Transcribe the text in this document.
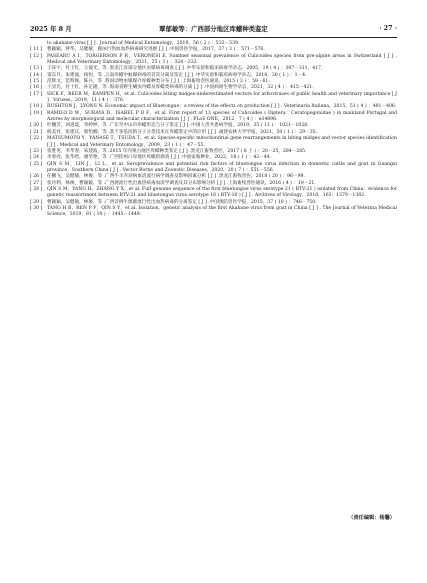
2025 年 8 月	覃郁敏等：广西部分地区库蠓种类鉴定	· 27 ·
to akabane virus [ J ] . Journal of Medical Entomology，2019，56 ( 2 ) ：533－539.
[ 11 ]	曹颖颖，钟华，吴健敏，鹿泳行伪血血热病毒研究进展 [ J ] .中国兽医学报，2017，37 ( 3 ) ：571－576.
[ 12 ]	PASEARU A I，TORGERSON P R，VERONESI E. Summer seasonal prevalence of Culicoides species from pre-alpine areas in Switzerland [ J ] . Medical and Veterinary Entomology，2021，35 ( 3 ) ：324－332.
[ 13 ]	王环宇，付士红，王彼光，等 .黑龙江省部分地区虫媒病毒调查 [ J ] .中华实验和临床病毒学杂志，2005，19 ( 4 ) ：307－311，417.
[ 14 ]	窦东升，朱建波，杨恒，等 .云南库蠓中蚊媒病毒的首次分离及鉴定 [ J ] .中华实验和临床病毒学杂志，2016，30 ( 1 ) ：1－4.
[ 15 ]	范辉文，范辉俊，陈兵，等 .我国动物虫媒媒介库蠓种类分布 [ J ] .上海畜牧兽医通讯，2015 ( 3 ) ：58－61.
[ 16 ]	王显光，付士红，孙定隆，等 .海南省野生螨虫内蠓及库蠓类病毒的分离 [ J ] .中国病原生物学杂志，2021，32 ( 4 ) ：415－421.
[ 17 ]	SICK F，BEER M，KAMPEN H，et al. Culicoides biting midges-underestimated vectors for arboviruses of public health and veterinary importance [ J ] . Viruses，2019，11 ( 4 ) ：376.
[ 18 ]	RUSHTON J，LYONS N. Economic impact of Bluetongue：a review of the effects on production [ J ] . Veterinaria Italiana，2015，51 ( 4 ) ：401－406.
[ 19 ]	RAMILO D W，SURAYA D，ISABEL P D F，et al. First report of 13 species of Culicoides ( Diptera：Ceratopogonidae ) in mainland Portugal and Azores by morphological and molecular characterization [ J ] . PLoS ONE，2012，7 ( 4 ) ：e34896.
[ 20 ]	叶穗芳，刘逍夏，李婷婷，等 .广东至中山市库蠓形态与分子鉴定 [ J ] .中国人兽共患病学报，2019，35 ( 11 ) ：1021－1028.
[ 21 ]	杨美祥，张建庆，蔡怡卿，等 .基于多基因的分子分类技术在库蠓鉴定中的应用 [ J ] .福建农林大学学报，2021，50 ( 1 ) ：29－35.
[ 22 ]	MATSUMOTO Y，YANASE T，TSUDA T，et al. Species-specific mitochondrial gene rearrangements in biting midges and vector species identification [ J ] . Medical and Veterinary Entomology，2009，23 ( 1 ) ：47－55.
[ 23 ]	张胜男，李华春，朱建波，等 .2015 年内蒙古地区库蠓种类鉴定 [ J ] .黑龙江畜牧兽医，2017 ( 8 上 ) ：20－25，284－285.
[ 24 ]	李春亮，张华智，谢华艳，等 .广西钦州口岸地区库蠓的调查 [ J ] .中国家畜种业，2022，18 ( 1 ) ：42－44.
[ 25 ]	QIN S M，LIN J，LI L，et al. Seroprevalence and potential risk factors of bluetongue virus infection in domestic cattle and goat in Guangxi province，Southern China [ J ] . Vector Borne and Zoonotic Diseases，2020，20 ( 7 ) ：551－556.
[ 26 ]	任鹏飞，吴健敏，林俊，等 .广西牛羊赤羽病血清流行病学调查及影响因素分析 [ J ] .黑龙江畜牧兽医，2018 ( 20 ) ：96－99.
[ 27 ]	张玲利，林俊，曹颖颖，等 .广西鹿流行性出血热病毒血清学调查及其分布影响分析 [ J ] .上海畜牧兽医通讯，2016 ( 4 ) ：19－21.
[ 28 ]	QIN S M，YANG H，ZHANG Y X，et al. Full genome sequence of the first bluetongue virus serotype 21 ( BTV-21 ) isolated from China：evidence for genetic reassortment between BTV-21 and bluetongue virus serotype 16 ( BTV-16 ) [ J ] . Archives of Virology，2018，163：1379－1382.
[ 29 ]	曹颖颖，吴健敏，林俊，等 .广西首例牛源鹿流行性出血热病毒的分离鉴定 [ J ] .中国预防兽医学报，2015，37 ( 10 ) ：746－750.
[ 30 ]	TANG H B，REN P F，QIN S Y，et al. Isolation，genetic analysis of the first Akabane virus from goat in China [ J ] . The Journal of Veterina Medical Science，2019，81 ( 10 ) ：1445－1449.
（责任编辑：杨馨）
